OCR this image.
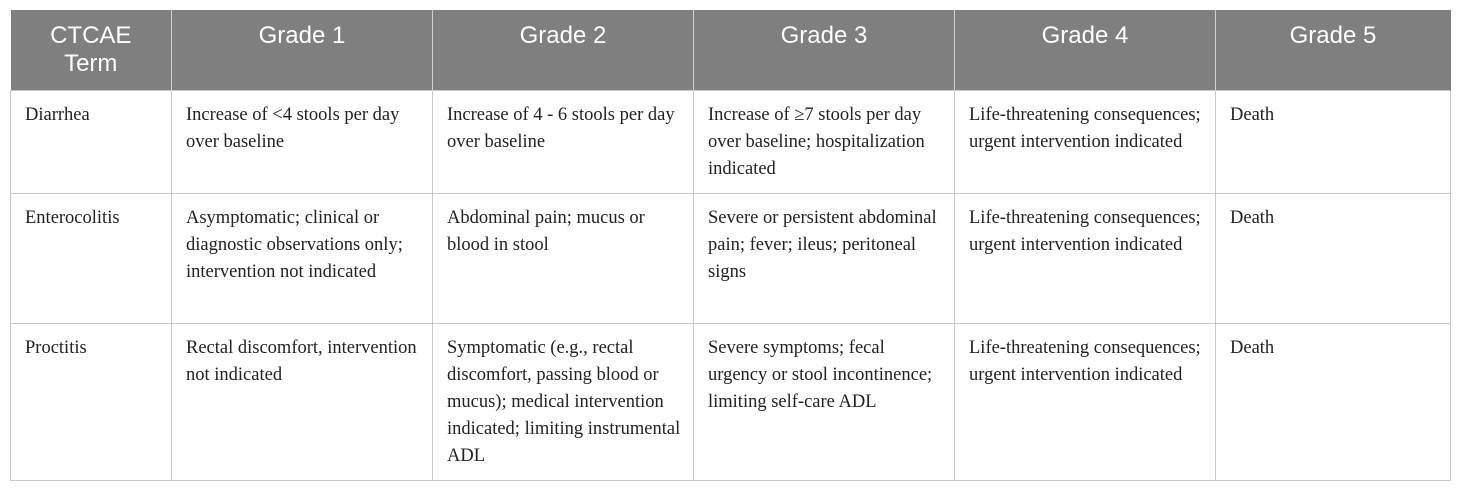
CTCAE Term	Grade 1	Grade 2	Grade 3	Grade 4	Grade 5
Diarrhea	Increase of <4 stools per day over baseline	Increase of 4 - 6 stools per day over baseline	Increase of ≥7 stools per day over baseline; hospitalization indicated	Life-threatening consequences; urgent intervention indicated	Death
Enterocolitis	Asymptomatic; clinical or diagnostic observations only; intervention not indicated	Abdominal pain; mucus or blood in stool	Severe or persistent abdominal pain; fever; ileus; peritoneal signs	Life-threatening consequences; urgent intervention indicated	Death
Proctitis	Rectal discomfort, intervention not indicated	Symptomatic (e.g., rectal discomfort, passing blood or mucus); medical intervention indicated; limiting instrumental ADL	Severe symptoms; fecal urgency or stool incontinence; limiting self-care ADL	Life-threatening consequences; urgent intervention indicated	Death
